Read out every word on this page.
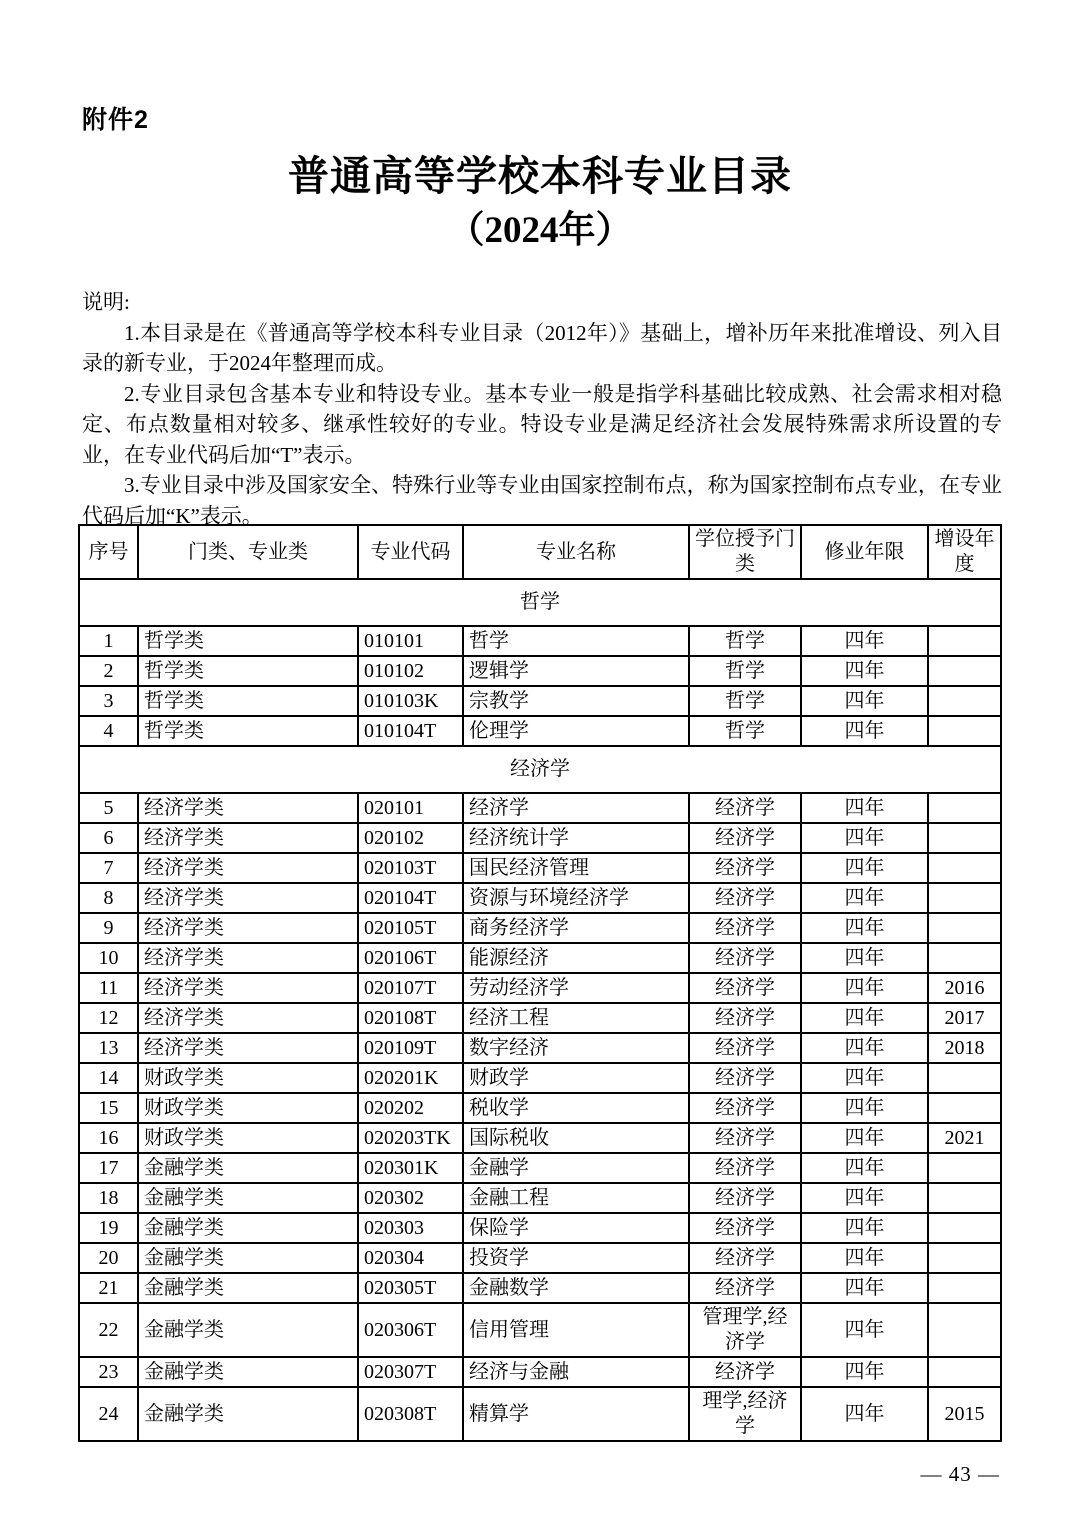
附件2
普通高等学校本科专业目录
（2024年）
说明:

1.本目录是在《普通高等学校本科专业目录（2012年）》基础上，增补历年来批准增设、列入目录的新专业，于2024年整理而成。

2.专业目录包含基本专业和特设专业。基本专业一般是指学科基础比较成熟、社会需求相对稳定、布点数量相对较多、继承性较好的专业。特设专业是满足经济社会发展特殊需求所设置的专业，在专业代码后加“T”表示。

3.专业目录中涉及国家安全、特殊行业等专业由国家控制布点，称为国家控制布点专业，在专业代码后加“K”表示。

序号	门类、专业类	专业代码	专业名称	学位授予门类	修业年限	增设年度
哲学						
1	哲学类	010101	哲学	哲学	四年	
2	哲学类	010102	逻辑学	哲学	四年	
3	哲学类	010103K	宗教学	哲学	四年	
4	哲学类	010104T	伦理学	哲学	四年	
经济学						
5	经济学类	020101	经济学	经济学	四年	
6	经济学类	020102	经济统计学	经济学	四年	
7	经济学类	020103T	国民经济管理	经济学	四年	
8	经济学类	020104T	资源与环境经济学	经济学	四年	
9	经济学类	020105T	商务经济学	经济学	四年	
10	经济学类	020106T	能源经济	经济学	四年	
11	经济学类	020107T	劳动经济学	经济学	四年	2016
12	经济学类	020108T	经济工程	经济学	四年	2017
13	经济学类	020109T	数字经济	经济学	四年	2018
14	财政学类	020201K	财政学	经济学	四年	
15	财政学类	020202	税收学	经济学	四年	
16	财政学类	020203TK	国际税收	经济学	四年	2021
17	金融学类	020301K	金融学	经济学	四年	
18	金融学类	020302	金融工程	经济学	四年	
19	金融学类	020303	保险学	经济学	四年	
20	金融学类	020304	投资学	经济学	四年	
21	金融学类	020305T	金融数学	经济学	四年	
22	金融学类	020306T	信用管理	管理学,经济学	四年	
23	金融学类	020307T	经济与金融	经济学	四年	
24	金融学类	020308T	精算学	理学,经济学	四年	2015
— 43 —
